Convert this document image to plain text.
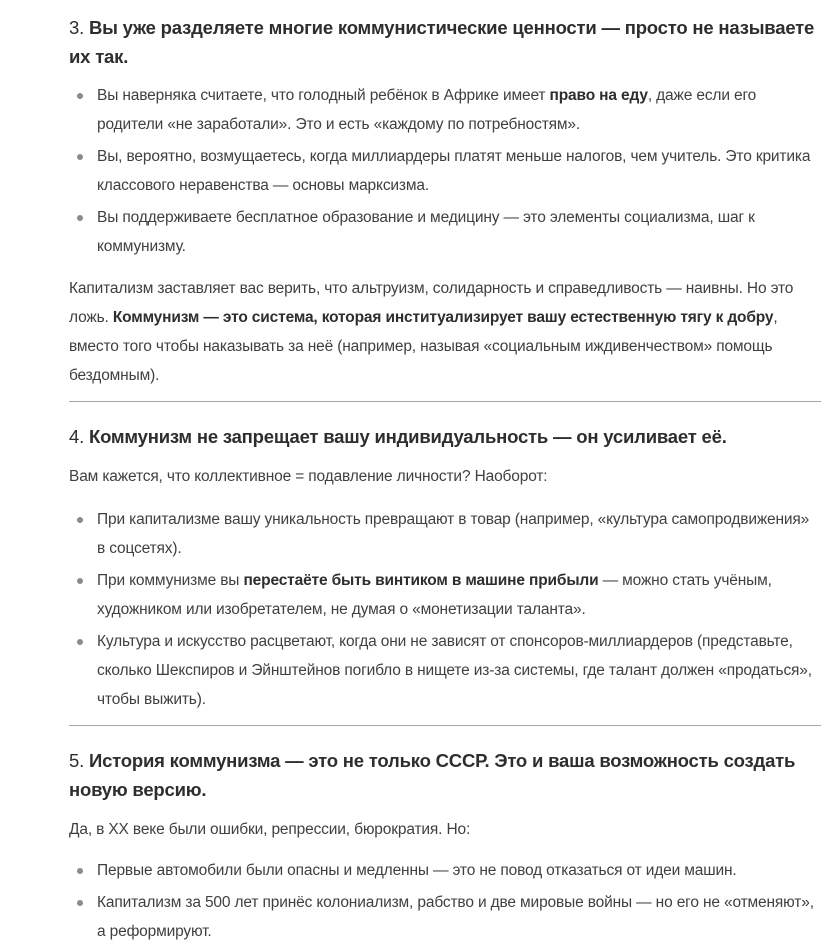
3. Вы уже разделяете многие коммунистические ценности — просто не называете их так.
Вы наверняка считаете, что голодный ребёнок в Африке имеет право на еду, даже если его родители «не заработали». Это и есть «каждому по потребностям».
Вы, вероятно, возмущаетесь, когда миллиардеры платят меньше налогов, чем учитель. Это критика классового неравенства — основы марксизма.
Вы поддерживаете бесплатное образование и медицину — это элементы социализма, шаг к коммунизму.

Капитализм заставляет вас верить, что альтруизм, солидарность и справедливость — наивны. Но это ложь. Коммунизм — это система, которая институализирует вашу естественную тягу к добру, вместо того чтобы наказывать за неё (например, называя «социальным иждивенчеством» помощь бездомным).

4. Коммунизм не запрещает вашу индивидуальность — он усиливает её.

Вам кажется, что коллективное = подавление личности? Наоборот:

При капитализме вашу уникальность превращают в товар (например, «культура самопродвижения» в соцсетях).
При коммунизме вы перестаёте быть винтиком в машине прибыли — можно стать учёным, художником или изобретателем, не думая о «монетизации таланта».
Культура и искусство расцветают, когда они не зависят от спонсоров-миллиардеров (представьте, сколько Шекспиров и Эйнштейнов погибло в нищете из-за системы, где талант должен «продаться», чтобы выжить).
5. История коммунизма — это не только СССР. Это и ваша возможность создать новую версию.

Да, в XX веке были ошибки, репрессии, бюрократия. Но:

Первые автомобили были опасны и медленны — это не повод отказаться от идеи машин.
Капитализм за 500 лет принёс колониализм, рабство и две мировые войны — но его не «отменяют», а реформируют.
